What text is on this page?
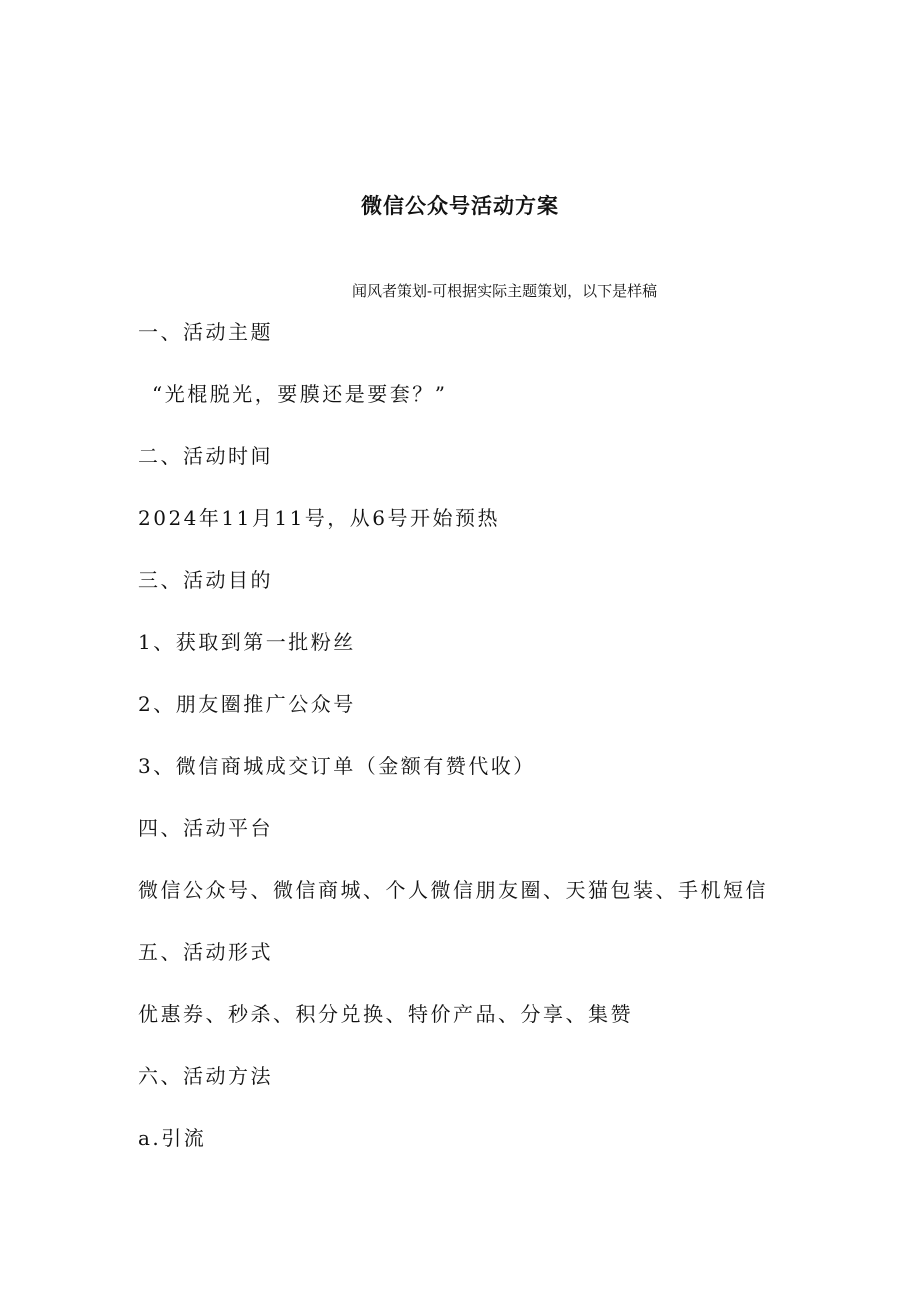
微信公众号活动方案
闻风者策划-可根据实际主题策划，以下是样稿
一、活动主题
“光棍脱光，要膜还是要套？”
二、活动时间
2024年11月11号，从6号开始预热
三、活动目的
1、获取到第一批粉丝
2、朋友圈推广公众号
3、微信商城成交订单（金额有赞代收）
四、活动平台
微信公众号、微信商城、个人微信朋友圈、天猫包装、手机短信
五、活动形式
优惠券、秒杀、积分兑换、特价产品、分享、集赞
六、活动方法
a.引流
